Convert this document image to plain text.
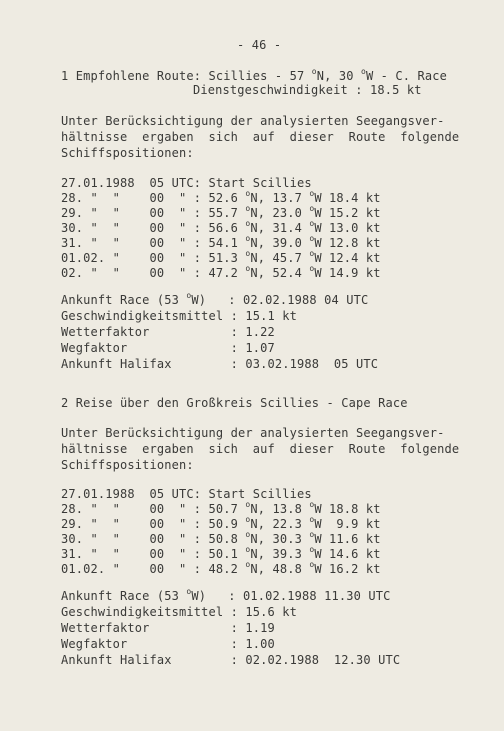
- 46 -
1 Empfohlene Route: Scillies - 57 $^o$N, 30 $^o$W - C. Race
Dienstgeschwindigkeit : 18.5 kt
Unter Berücksichtigung der analysierten Seegangsver-
hältnisse  ergaben  sich  auf  dieser  Route  folgende
Schiffspositionen:
27.01.1988  05 UTC: Start Scillies
28. "  "    00  " : 52.6 $^o$N, 13.7 $^o$W 18.4 kt
29. "  "    00  " : 55.7 $^o$N, 23.0 $^o$W 15.2 kt
30. "  "    00  " : 56.6 $^o$N, 31.4 $^o$W 13.0 kt
31. "  "    00  " : 54.1 $^o$N, 39.0 $^o$W 12.8 kt
01.02. "    00  " : 51.3 $^o$N, 45.7 $^o$W 12.4 kt
02. "  "    00  " : 47.2 $^o$N, 52.4 $^o$W 14.9 kt
Ankunft Race (53 $^o$W)   : 02.02.1988 04 UTC
Geschwindigkeitsmittel : 15.1 kt
Wetterfaktor           : 1.22
Wegfaktor              : 1.07
Ankunft Halifax        : 03.02.1988  05 UTC
2 Reise über den Großkreis Scillies - Cape Race
Unter Berücksichtigung der analysierten Seegangsver-
hältnisse  ergaben  sich  auf  dieser  Route  folgende
Schiffspositionen:
27.01.1988  05 UTC: Start Scillies
28. "  "    00  " : 50.7 $^o$N, 13.8 $^o$W 18.8 kt
29. "  "    00  " : 50.9 $^o$N, 22.3 $^o$W  9.9 kt
30. "  "    00  " : 50.8 $^o$N, 30.3 $^o$W 11.6 kt
31. "  "    00  " : 50.1 $^o$N, 39.3 $^o$W 14.6 kt
01.02. "    00  " : 48.2 $^o$N, 48.8 $^o$W 16.2 kt
Ankunft Race (53 $^o$W)   : 01.02.1988 11.30 UTC
Geschwindigkeitsmittel : 15.6 kt
Wetterfaktor           : 1.19
Wegfaktor              : 1.00
Ankunft Halifax        : 02.02.1988  12.30 UTC
